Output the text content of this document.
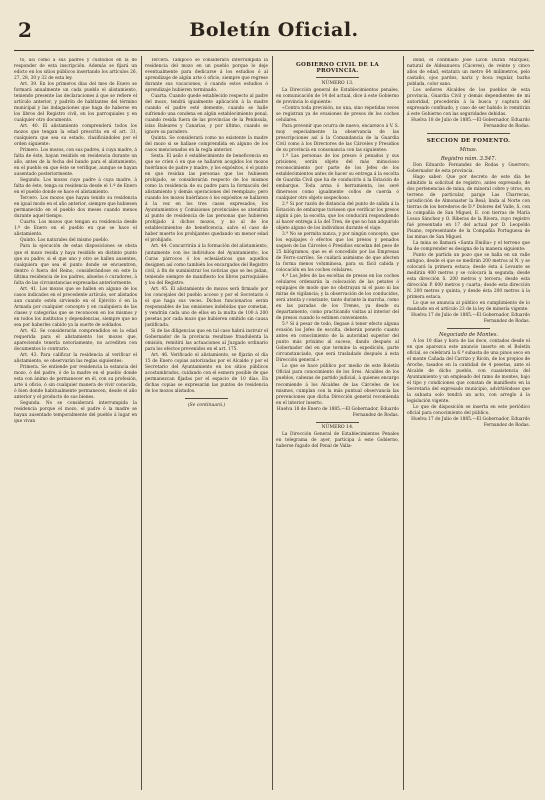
2	Boletín Oficial.

to, así como á sus padres y custodios en la de responder de esta inscripción. Además se fijará un edicto en los sitios públicos insertando los artículos 26, 27, 28, 30 y 32 de esta ley.

Art. 39. En los primeros días del mes de Enero se formará anualmente un cada pueblo el alistamiento, teniendo presente las declaraciones á que se refiere el artículo anterior, y padrón de habitantes del término municipal y las indagaciones que haga de haberse en los libros del Registro civil, en los parroquiales y en cualquier otro documento.

Art. 40. El alistamiento comprenderá todos los mozos que tengan la edad prescrita en el art. 31, cualquiera que sea su estado, clasificándoles por el orden siguiente:

Primero. Los mozos, con sus padres, á cuya madre, á falta de éste, hayan residido en residencia durante un año, antes de la fecha del bando para el alistamiento, en el pueblo en que éste se verifique, aunque se hayan ausentado posteriormente.

Segundo. Los mozos cuyo padre á cuya madre, á falta de éste, tenga su residencia desde el 1.º de Enero en el pueblo donde se hace el alistamiento.

Tercero. Los mozos que hayan tenido su residencia en igual modo en el año anterior, siempre que hubiesen permanecido en el pueblo dos meses cuando menos durante aquel tiempo.

Cuarto. Los mozos que tengan su residencia desde 1.º de Enero en el pueblo en que se hace el alistamiento.

Quinto. Los naturales del mismo pueblo.

Para la ejecución de estas disposiciones se obsta que el mozo resida y haya residido en distinto punto que su padre, si el que uno y otro se hallen ausentes, cualquiera que sea el punto donde se encuentren, dentro ó fuera del Reino, considerándose en este la última residencia de los padres, abuelos ó curadores, á falta de las circunstancias expresadas anteriormente.

Art. 41. Los mozos que se hallen en alguno de los casos indicados en el precedente artículo, ser alistados aun cuando estén sirviendo en el Ejército ó en la Armada por cualquier concepto y en cualquiera de las clases y categorías que se reconocen en los mismos y en todos los institutos y dependencias, siempre que no sea por haberles cabido ya la suerte de soldados.

Art. 42. Se considerarán comprendidos en la edad requerida para el alistamiento los mozos que, apareciendo tenerla notoriamente, no acrediten con documentos lo contrario.

Art. 43. Para calificar la residencia al verificar el alistamiento, se observarán las reglas siguientes:

Primera. Se entiende por residencia la estancia del mozo, ó del padre, ó de la madre en el pueblo donde esta con ánimo de permanecer en él, con su profesión, arte ú oficio, ó sin cualquier manera de vivir conocida, ó bien donde habitualmente permanecen, desde el año anterior y el producto de sus bienes.

Segunda. No se considerará interrumpida la residencia porque el mozo, el padre ó la madre se hayan ausentado temporalmente del pueblo á lugar en que vivan

Tercera. Tampoco se considerará interrumpida la residencia del mozo en un pueblo porque lo deje eventualmente para dedicarse á los estudios ó al aprendizaje de algún arte ó oficio, siempre que regrese durante sus vacaciones, ó cuando estos estudios ó aprendizaje hubieren terminado.

Cuarta. Cuando quede establecido respecto al padre del mozo, tendrá igualmente aplicación á la madre cuando el padre esté demente, cuando se halle sufriendo una condena en algún establecimiento penal, cuando resida fuera de las provincias de la Península, islas Baleares y Canarias, y por último, cuando se ignore su paradero.

Quinta. Se considerará como no existente la madre del mozo si se hallase comprendida en alguno de los casos mencionados en la regla anterior.

Sexta. El asilo ó establecimiento de beneficencia en que se críen ó en que se hallaren acogidos los mozos huérfanos de padre y madre, y los expósitos, ó el punto en que residan las personas que los hubiesen prohijado, se considerarán respecto de los mismos como la residencia de su padre para la formación del alistamiento y demás operaciones del reemplazo; pero cuando los mozos huérfanos ó los expósitos se hallaren á la vez en los tres casos expresados, los Ayuntamientos y Comisiones provinciales se atendrán al punto de residencia de las personas que hubieren prohijado á dichos mozos, y no al de los establecimientos de beneficencia, salvo el caso de haber muerto los prohijantes quedando un menor edad el prohijado.

Art. 44. Concurrirán á la formación del alistamiento, juntamente con los individuos del Ayuntamiento, los Curas párrocos ó los eclesiásticos que aquellos designen así como también los encargados del Registro civil, á fin de suministrar los noticias que se les pidan, teniendo siempre de manifiesto los libros parroquiales y los del Registro.

Art. 45. El alistamiento de mozos será firmado por los concejales del pueblo acceso y por el Secretario ó el que haga sus veces. Dichos funcionarios serán responsables de las omisiones indebidas que cometan, y vendrán cada uno de ellos en la multa de 100 á 200 pesetas por cada mozo que hubieren omitido sin causa justificada.

Si de las diligencias que en tal caso habrá instruir el Gobernador de la provincia resultase fraudulenta la omisión, remitirá las actuaciones al Juzgado ordinario para los efectos prevenidos en el art. 175.

Art. 46. Verificado el alistamiento, se fijarán el día 15 de Enero copias autorizadas por el Alcalde y por el Secretario del Ayuntamiento en los sitios públicos acostumbrados, cuidando con el esmero posible de que permanezcan fijadas por el espacio de 10 días. En dichas copias se expresarán las puntos de residencia de los mozos alistados.

(Se continuará.)
GOBIERNO CIVIL DE LA PROVINCIA.
NÚMERO 13.

La Dirección general de Establecimientos penales, en comunicación de 14 del actual, dice á este Gobierno de provincia lo siguiente:

«Contra toda previsión, no una, sino repetidas veces se registran ya de evasiones de presos de los coches celulares.

Para prevenir que ocurra de nuevo, encarezco á V. S. muy especialmente la observancia de las prescripciones así á la Comandancia de la Guardia Civil como á los Directores de las Cárceles y Presidios de su provincia en consonancia con las siguientes:

1.ª Las personas de los presos ó penados y sus prisiones, serán objeto del más minucioso reconocimiento por parte de los Jefes de los establecimientos antes de hacer su entrega á la escolta de Guardia Civil que ha de conducirlo á la Estación de embarque. Toda arma ó herramienta, los seré dinerosos como igualmente collos de cuerda ó cualquier otro objeto sospechoso.

2.ª Si por razón de distancia del punto de salida á la Estación de embarque tuviesen que verificar los presos algún á pie, la escolta, que los conducirá respondiendo al hacer entrega á la del Tren, de que no han adquirido objeto alguno de los individuos durante el viaje.

3.ª No se permita nunca, y por ningún concepto, que los equipajes ó efectos que los presos y penados saquen de las Cárceles ó Presidios excedan del peso de 25 kilógramos, que es el concedido por las Empresas de Ferro-carriles. Se cuidará asimismo de que afecten la forma menos voluminosa, para su fácil cabida y colocación en los coches celulares.

4.ª Los Jefes de las escoltas de presos en los coches celulares ordenarán la colocación de las petates ó equipajes de modo que no obstruyan ni el paso ni las miras de vigilancia; y la observación de los conducidos, será atenta y constante, tanto durante la marcha, como en las paradas de los Trenes, ya desde su departamento, como practicando visitas al interior del de presos cuando lo estimen conveniente.

5.ª Si á pesar de todo, llegase á tener efecto alguna evasión los Jefes de escolta, deberán ponerlo cuanto antes en conocimiento de la autoridad superior del punto más próximo al suceso, dando después al Gobernador del en que termine la expedición, parte circunstanciado, que será trasladado después á esta Dirección general.»

Lo que se hace público por medio de este Boletín Oficial para conocimiento de los Sres. Alcaldes de los pueblos, cabezas de partido judicial, á quienes encargo recomiende á los Alcaldes de las Cárceles de los mismos, cumplan con la más puntual observancia las prevenciones que dicha Dirección general recomienda en el interior inserto.

Huelva 18 de Enero de 1885.—El Gobernador, Eduardo Fernandez de Rodas.

NÚMERO 14.

La Dirección General de Establecimientos Penales en telegrama de ayer, participa á este Gobierno, haberse fugado del Penal de Valla-

dolid, el confinado José Licón Durán Marquez, natural de Aldeanueva (Cáceres), de veinte y cinco años de edad, estatura un metro 64 milímetros, pelo castaño, ojos pardos, nariz y boca regular, barba poblada, color sano.

Los señores Alcaldes de los pueblos de esta provincia, Guardia Civil y demás dependientes de mi autoridad, procederán á la busca y captura del expresado confinado, y caso de ser habido lo remitirán á este Gobierno con las seguridades debidas.

Huelva 18 de Julio de 1885.—El Gobernador, Eduardo Fernandez de Rodas.

SECCION DE FOMENTO.
Minas.
Registro núm. 3.547.

Don Eduardo Fernandez de Rodas y Guerrero, Gobernador de esta provincia.

Hago saber: Que por decreto de este día he admitido la solicitud de registro, antes expresado, de dos pertenencias de mina, de mineral cobre y otros, en terreno de particular, paraje Las Charrecas, jurisdicción de Almonaster la Real; linda al Norte con tierras de los herederos de D.ª Dolores del Valle, S. con la compañía de San Miguel, E. con tierras de María Losoa Sánchez y O. Riberas de la Rivera, cuyo registro fué presentado en 17 del actual por D. Leopoldo Pisano, representante de la Compañía Portuguesa de las minas de San Miguel.

La mina se llamará «Santa Emilia» y el terreno que ha de comprender es designa de la manera siguiente:

Punto de partida un pozo que se halla en un valle antiguo, desde el que se medirán 200 metros al N. y se colocará la primera estaca; desde ésta á Levante se medirán 400 metros y se colocará la segunda; desde esta dirección S. 200 metros y tercera; desde esta dirección P. 600 metros y cuarta; desde esta dirección N. 200 metros y quinta, y desde ésta 200 metros á la primera estaca.

Lo que se anuncia al público en cumplimiento de lo mandado en el artículo 23 de la ley de minería vigente.

Huelva 17 de Julio de 1885.—El Gobernador, Eduardo Fernandez de Rodas.

Negociado de Montes.

A los 10 días y hora de las doce, contados desde el en que aparezca este anuncio inserto en el Boletín oficial, se celebrará la 6.ª subasta de una pinos seco en el monte Cañada del Carrizo y Ricón, de los propios de Aroche, tasados en la cantidad de 4 pesetas, ante el Alcalde de dicho pueblo, con cuasistencia del Ayuntamiento y un empleado del ramo de montes, bajo el tipo y condiciones que constan de manifiesto en la Secretaría del expresado municipio, advirtiéndose que la subasta solo tendrá un acto, con arreglo á la legislación vigente.

Lo que de disposición se inserta en este periódico oficial para conocimiento del público.

Huelva 17 de Julio de 1885.—El Gobernador, Eduardo Fernandez de Rodas.
